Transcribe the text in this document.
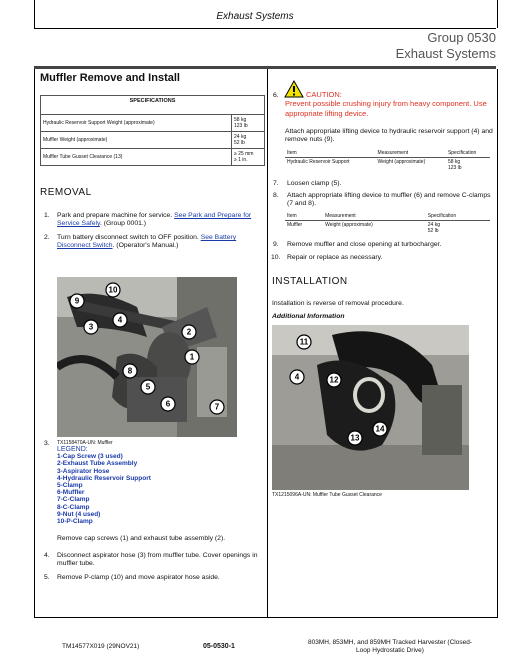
Exhaust Systems
Group 0530
Exhaust Systems
Muffler Remove and Install
SPECIFICATIONS	
Hydraulic Reservoir Support Weight (approximate)	58 kg
123 lb
Muffler Weight (approximate)	24 kg
52 lb
Muffler Tube Gusset Clearance (13)	≥ 25 mm
≥ 1 in.
REMOVAL
1. Park and prepare machine for service. See Park and Prepare for Service Safely. (Group 0001.)
2. Turn battery disconnect switch to OFF position. See Battery Disconnect Switch. (Operator's Manual.)
10
9
4
3
2
1
8
5
6	7
3. TX1158470A-UN: Muffler
LEGEND:
1-Cap Screw (3 used)
2-Exhaust Tube Assembly
3-Aspirator Hose
4-Hydraulic Reservoir Support
5-Clamp
6-Muffler
7-C-Clamp
8-C-Clamp
9-Nut (4 used)
10-P-Clamp
Remove cap screws (1) and exhaust tube assembly (2).
4. Disconnect aspirator hose (3) from muffler tube. Cover openings in muffler tube.
5. Remove P-clamp (10) and move aspirator hose aside.
6.	CAUTION:
Prevent possible crushing injury from heavy component. Use appropriate lifting device.
Attach appropriate lifting device to hydraulic reservoir support (4) and remove nuts (9).
Item	Measurement	Specification
Hydraulic Reservoir Support	Weight (approximate)	58 kg
123 lb
7. Loosen clamp (5).
8. Attach appropriate lifting device to muffler (6) and remove C-clamps (7 and 8).
Item	Measurement	Specification
Muffler	Weight (approximate)	24 kg
52 lb
9. Remove muffler and close opening at turbocharger.
10. Repair or replace as necessary.
INSTALLATION
Installation is reverse of removal procedure.
Additional Information
11
4	12
13
14
TX1215096A-UN: Muffler Tube Gusset Clearance
TM14577X019 (29NOV21)	05-0530-1
803MH, 853MH, and 859MH Tracked Harvester (Closed-Loop Hydrostatic Drive)
